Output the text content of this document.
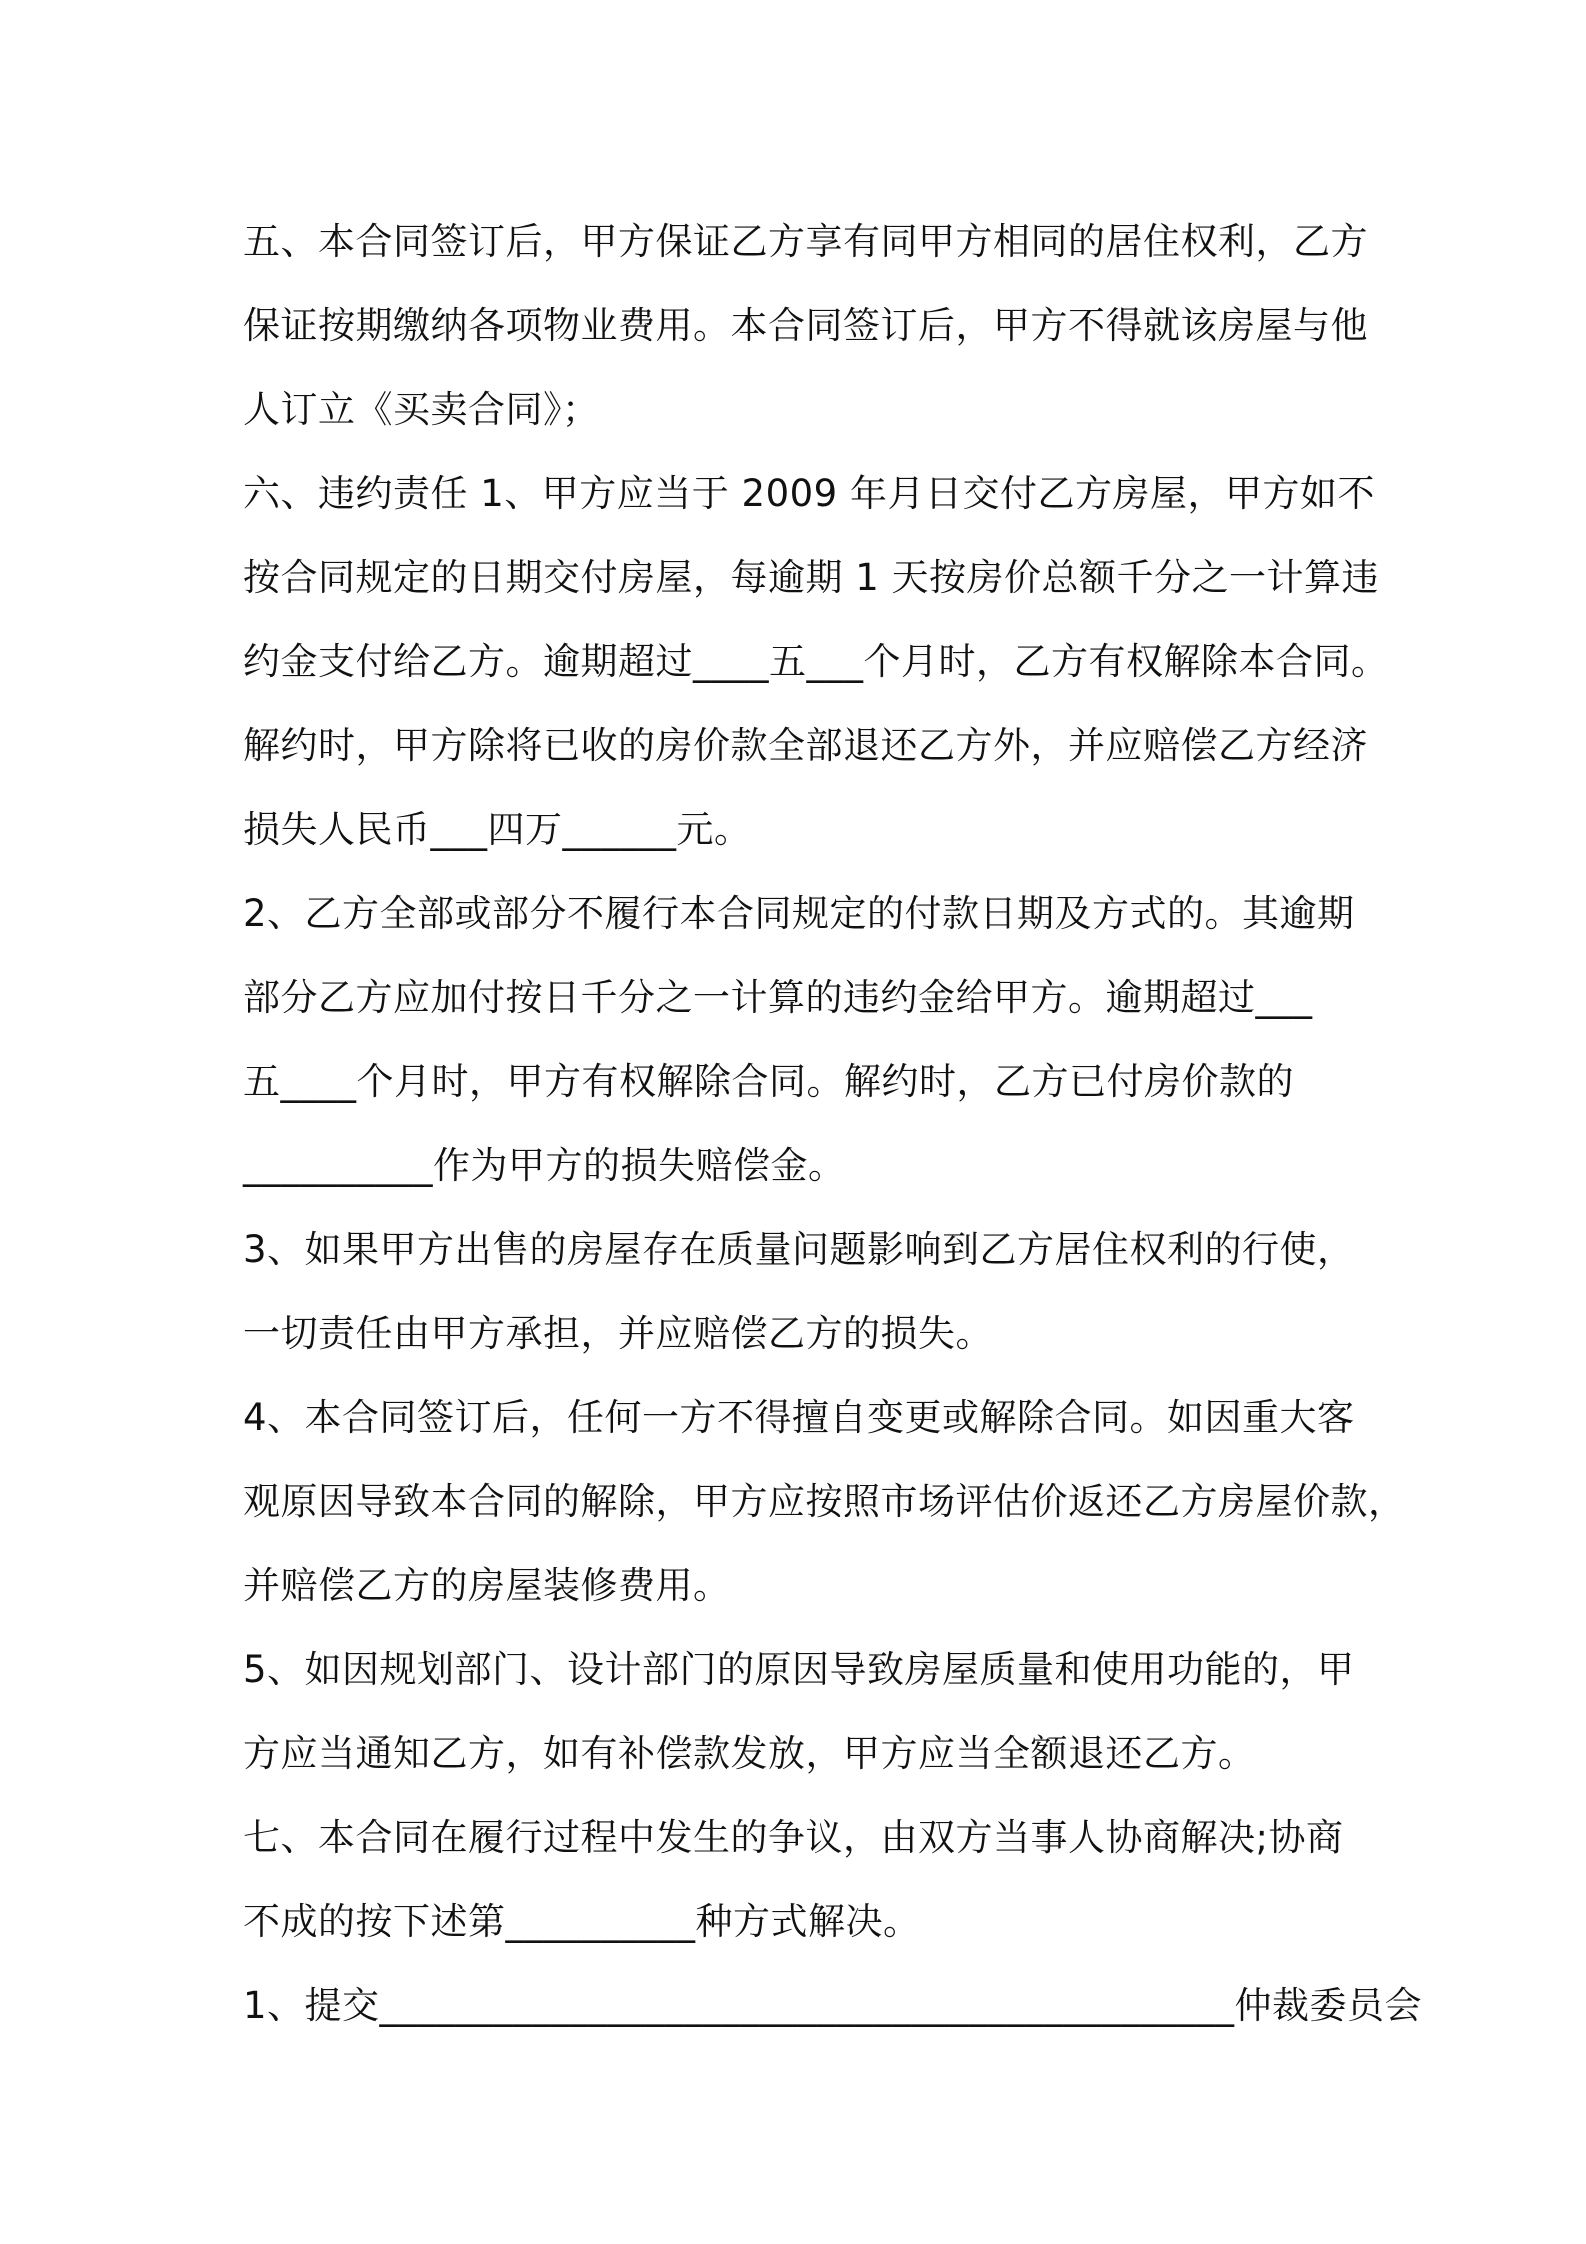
五、本合同签订后，甲方保证乙方享有同甲方相同的居住权利，乙方
保证按期缴纳各项物业费用。本合同签订后，甲方不得就该房屋与他
人订立《买卖合同》；
六、违约责任 1、甲方应当于 2009 年月日交付乙方房屋，甲方如不
按合同规定的日期交付房屋，每逾期 1 天按房价总额千分之一计算违
约金支付给乙方。逾期超过____五___个月时，乙方有权解除本合同。
解约时，甲方除将已收的房价款全部退还乙方外，并应赔偿乙方经济
损失人民币___四万______元。
2、乙方全部或部分不履行本合同规定的付款日期及方式的。其逾期
部分乙方应加付按日千分之一计算的违约金给甲方。逾期超过___
五____个月时，甲方有权解除合同。解约时，乙方已付房价款的
__________作为甲方的损失赔偿金。
3、如果甲方出售的房屋存在质量问题影响到乙方居住权利的行使，
一切责任由甲方承担，并应赔偿乙方的损失。
4、本合同签订后，任何一方不得擅自变更或解除合同。如因重大客
观原因导致本合同的解除，甲方应按照市场评估价返还乙方房屋价款，
并赔偿乙方的房屋装修费用。
5、如因规划部门、设计部门的原因导致房屋质量和使用功能的，甲
方应当通知乙方，如有补偿款发放，甲方应当全额退还乙方。
七、本合同在履行过程中发生的争议，由双方当事人协商解决;协商
不成的按下述第__________种方式解决。
1、提交_____________________________________________仲裁委员会
